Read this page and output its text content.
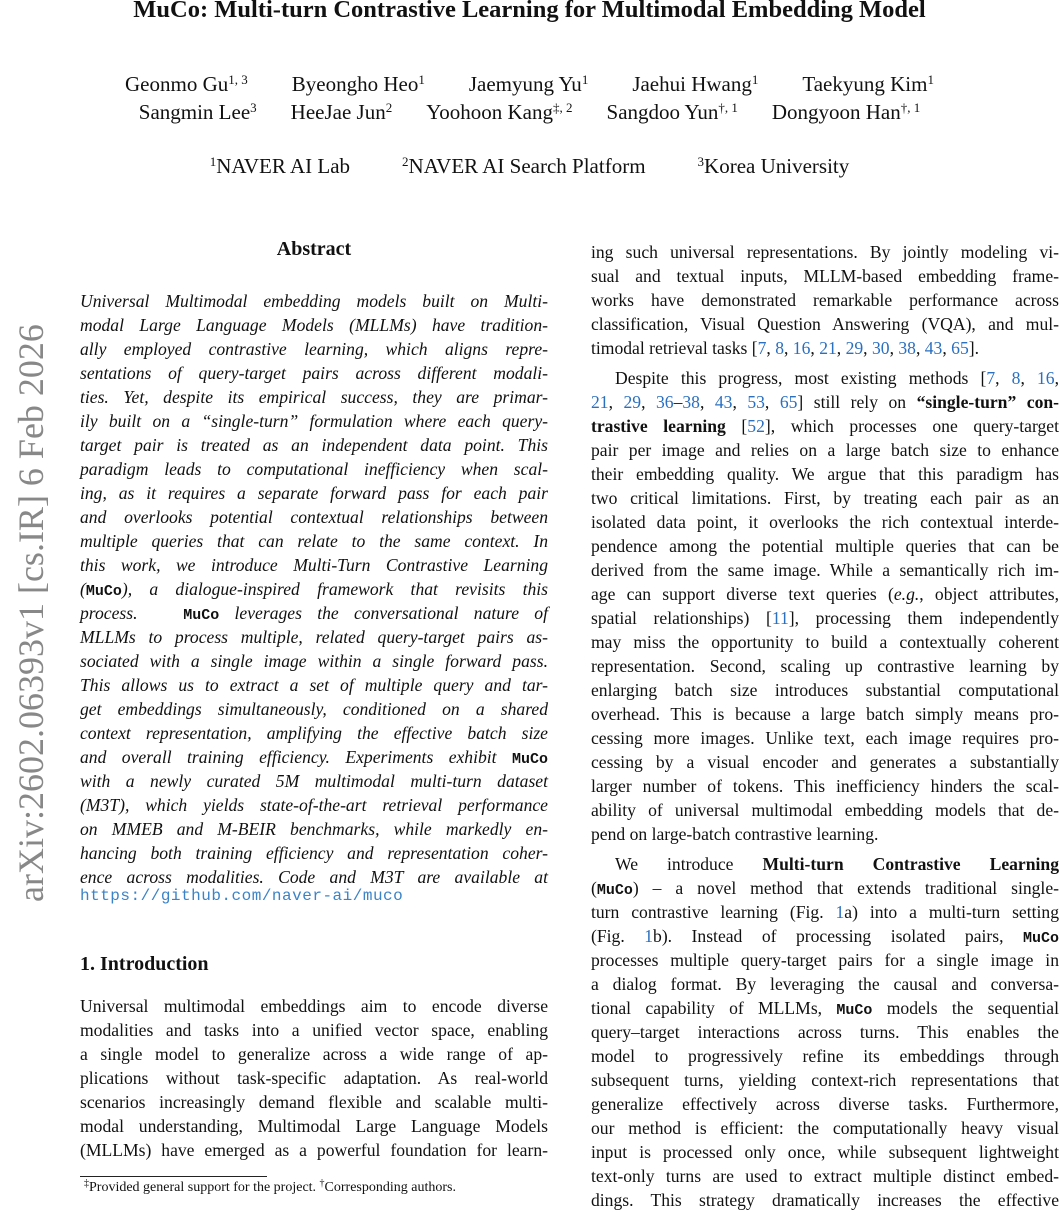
MuCo: Multi-turn Contrastive Learning for Multimodal Embedding Model
Geonmo Gu$^{1, 3}$ Byeongho Heo$^1$ Jaemyung Yu$^1$ Jaehui Hwang$^1$ Taekyung Kim$^1$
Sangmin Lee$^3$ HeeJae Jun$^2$ Yoohoon Kang$^{\ddagger, 2}$ Sangdoo Yun$^{\dagger, 1}$ Dongyoon Han$^{\dagger, 1}$
$^1$NAVER AI Lab	$^2$NAVER AI Search Platform	$^3$Korea University
arXiv:2602.06393v1 [cs.IR] 6 Feb 2026
Abstract
Universal Multimodal embedding models built on Multi-
modal Large Language Models (MLLMs) have tradition-
ally employed contrastive learning, which aligns repre-
sentations of query-target pairs across different modali-
ties. Yet, despite its empirical success, they are primar-
ily built on a “single-turn” formulation where each query-
target pair is treated as an independent data point. This
paradigm leads to computational inefficiency when scal-
ing, as it requires a separate forward pass for each pair
and overlooks potential contextual relationships between
multiple queries that can relate to the same context. In
this work, we introduce Multi-Turn Contrastive Learning
(MuCo), a dialogue-inspired framework that revisits this
process.	MuCo leverages the conversational nature of
MLLMs to process multiple, related query-target pairs as-
sociated with a single image within a single forward pass.
This allows us to extract a set of multiple query and tar-
get embeddings simultaneously, conditioned on a shared
context representation, amplifying the effective batch size
and overall training efficiency. Experiments exhibit MuCo
with a newly curated 5M multimodal multi-turn dataset
(M3T), which yields state-of-the-art retrieval performance
on MMEB and M-BEIR benchmarks, while markedly en-
hancing both training efficiency and representation coher-
ence across modalities. Code and M3T are available at
https://github.com/naver-ai/muco
1. Introduction
Universal multimodal embeddings aim to encode diverse
modalities and tasks into a unified vector space, enabling
a single model to generalize across a wide range of ap-
plications without task-specific adaptation. As real-world
scenarios increasingly demand flexible and scalable multi-
modal understanding, Multimodal Large Language Models
(MLLMs) have emerged as a powerful foundation for learn-
‡Provided general support for the project. †Corresponding authors.
ing such universal representations. By jointly modeling vi-
sual and textual inputs, MLLM-based embedding frame-
works have demonstrated remarkable performance across
classification, Visual Question Answering (VQA), and mul-
timodal retrieval tasks [7, 8, 16, 21, 29, 30, 38, 43, 65].
Despite this progress, most existing methods [7, 8, 16,
21, 29, 36–38, 43, 53, 65] still rely on “single-turn” con-
trastive learning [52], which processes one query-target
pair per image and relies on a large batch size to enhance
their embedding quality. We argue that this paradigm has
two critical limitations. First, by treating each pair as an
isolated data point, it overlooks the rich contextual interde-
pendence among the potential multiple queries that can be
derived from the same image. While a semantically rich im-
age can support diverse text queries (e.g., object attributes,
spatial relationships) [11], processing them independently
may miss the opportunity to build a contextually coherent
representation. Second, scaling up contrastive learning by
enlarging batch size introduces substantial computational
overhead. This is because a large batch simply means pro-
cessing more images. Unlike text, each image requires pro-
cessing by a visual encoder and generates a substantially
larger number of tokens. This inefficiency hinders the scal-
ability of universal multimodal embedding models that de-
pend on large-batch contrastive learning.
We introduce Multi-turn Contrastive Learning
(MuCo) – a novel method that extends traditional single-
turn contrastive learning (Fig. 1a) into a multi-turn setting
(Fig. 1b). Instead of processing isolated pairs, MuCo
processes multiple query-target pairs for a single image in
a dialog format. By leveraging the causal and conversa-
tional capability of MLLMs, MuCo models the sequential
query–target interactions across turns. This enables the
model to progressively refine its embeddings through
subsequent turns, yielding context-rich representations that
generalize effectively across diverse tasks. Furthermore,
our method is efficient: the computationally heavy visual
input is processed only once, while subsequent lightweight
text-only turns are used to extract multiple distinct embed-
dings. This strategy dramatically increases the effective
